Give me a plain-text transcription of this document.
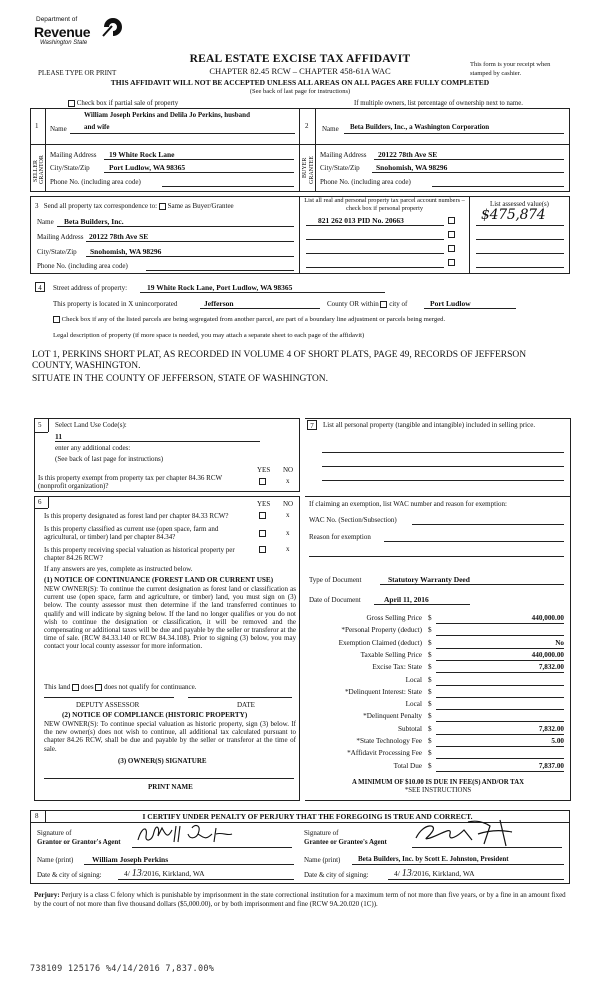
Department of
Revenue
Washington State
REAL ESTATE EXCISE TAX AFFIDAVIT
CHAPTER 82.45 RCW – CHAPTER 458-61A WAC
PLEASE TYPE OR PRINT
This form is your receipt when stamped by cashier.
THIS AFFIDAVIT WILL NOT BE ACCEPTED UNLESS ALL AREAS ON ALL PAGES ARE FULLY COMPLETED
(See back of last page for instructions)
Check box if partial sale of property	If multiple owners, list percentage of ownership next to name.
1 Name
William Joseph Perkins and Delila Jo Perkins, husband
and wife
SELLER GRANTOR
Mailing Address 19 White Rock Lane
City/State/Zip	Port Ludlow, WA 98365
Phone No. (including area code)
2 Name Beta Builders, Inc., a Washington Corporation
BUYER GRANTEE
Mailing Address 20122 78th Ave SE
City/State/Zip Snohomish, WA 98296
Phone No. (including area code)
3 Send all property tax correspondence to: Same as Buyer/Grantee
Name Beta Builders, Inc.
Mailing Address 20122 78th Ave SE
City/State/Zip Snohomish, WA 98296
Phone No. (including area code)
List all real and personal property tax parcel account numbers – check box if personal property
List assessed value(s)
821 262 013 PID No. 20663	$475,874
4	Street address of property:	19 White Rock Lane, Port Ludlow, WA 98365
This property is located in X unincorporated	Jefferson	County OR within city of	Port Ludlow
Check box if any of the listed parcels are being segregated from another parcel, are part of a boundary line adjustment or parcels being merged.
Legal description of property (if more space is needed, you may attach a separate sheet to each page of the affidavit)
LOT 1, PERKINS SHORT PLAT, AS RECORDED IN VOLUME 4 OF SHORT PLATS, PAGE 49, RECORDS OF JEFFERSON
COUNTY, WASHINGTON.
SITUATE IN THE COUNTY OF JEFFERSON, STATE OF WASHINGTON.
5 Select Land Use Code(s):
11
enter any additional codes:
(See back of last page for instructions)
YES NO
Is this property exempt from property tax per chapter 84.36 RCW (nonprofit organization)?
x
6	YES NO
Is this property designated as forest land per chapter 84.33 RCW?	x
Is this property classified as current use (open space, farm and agricultural, or timber) land per chapter 84.34?	x
Is this property receiving special valuation as historical property per chapter 84.26 RCW?
x
If any answers are yes, complete as instructed below.
(1) NOTICE OF CONTINUANCE (FOREST LAND OR CURRENT USE)
NEW OWNER(S): To continue the current designation as forest land or classification as current use (open space, farm and agriculture, or timber) land, you must sign on (3) below. The county assessor must then determine if the land transferred continues to qualify and will indicate by signing below. If the land no longer qualifies or you do not wish to continue the designation or classification, it will be removed and the compensating or additional taxes will be due and payable by the seller or transferor at the time of sale. (RCW 84.33.140 or RCW 84.34.108). Prior to signing (3) below, you may contact your local county assessor for more information.
This land does does not qualify for continuance.
DEPUTY ASSESSOR	DATE
(2) NOTICE OF COMPLIANCE (HISTORIC PROPERTY)
NEW OWNER(S): To continue special valuation as historic property, sign (3) below. If the new owner(s) does not wish to continue, all additional tax calculated pursuant to chapter 84.26 RCW, shall be due and payable by the seller or transferor at the time of sale.
(3) OWNER(S) SIGNATURE
PRINT NAME
7	List all personal property (tangible and intangible) included in selling price.
If claiming an exemption, list WAC number and reason for exemption:
WAC No. (Section/Subsection)
Reason for exemption
Type of Document	Statutory Warranty Deed
Date of Document	April 11, 2016
Gross Selling Price $	440,000.00
*Personal Property (deduct) $
Exemption Claimed (deduct) $	No
Taxable Selling Price $	440,000.00
Excise Tax: State $	7,832.00
Local $
*Delinquent Interest: State $
Local $
*Delinquent Penalty $
Subtotal $	7,832.00
*State Technology Fee $	5.00
*Affidavit Processing Fee $
Total Due $	7,837.00
A MINIMUM OF $10.00 IS DUE IN FEE(S) AND/OR TAX
*SEE INSTRUCTIONS
8	I CERTIFY UNDER PENALTY OF PERJURY THAT THE FOREGOING IS TRUE AND CORRECT.
Signature of
Grantor or Grantor's Agent
Name (print) William Joseph Perkins
Date & city of signing:	4/ 13/2016, Kirkland, WA
Signature of
Grantee or Grantee's Agent
Name (print)	Beta Builders, Inc. by Scott E. Johnston, President
Date & city of signing:	4/ 13/2016, Kirkland, WA
Perjury: Perjury is a class C felony which is punishable by imprisonment in the state correctional institution for a maximum term of not more than five years, or by a fine in an amount fixed by the court of not more than five thousand dollars ($5,000.00), or by both imprisonment and fine (RCW 9A.20.020 (1C)).
738109 125176 %4/14/2016 7,837.00%
